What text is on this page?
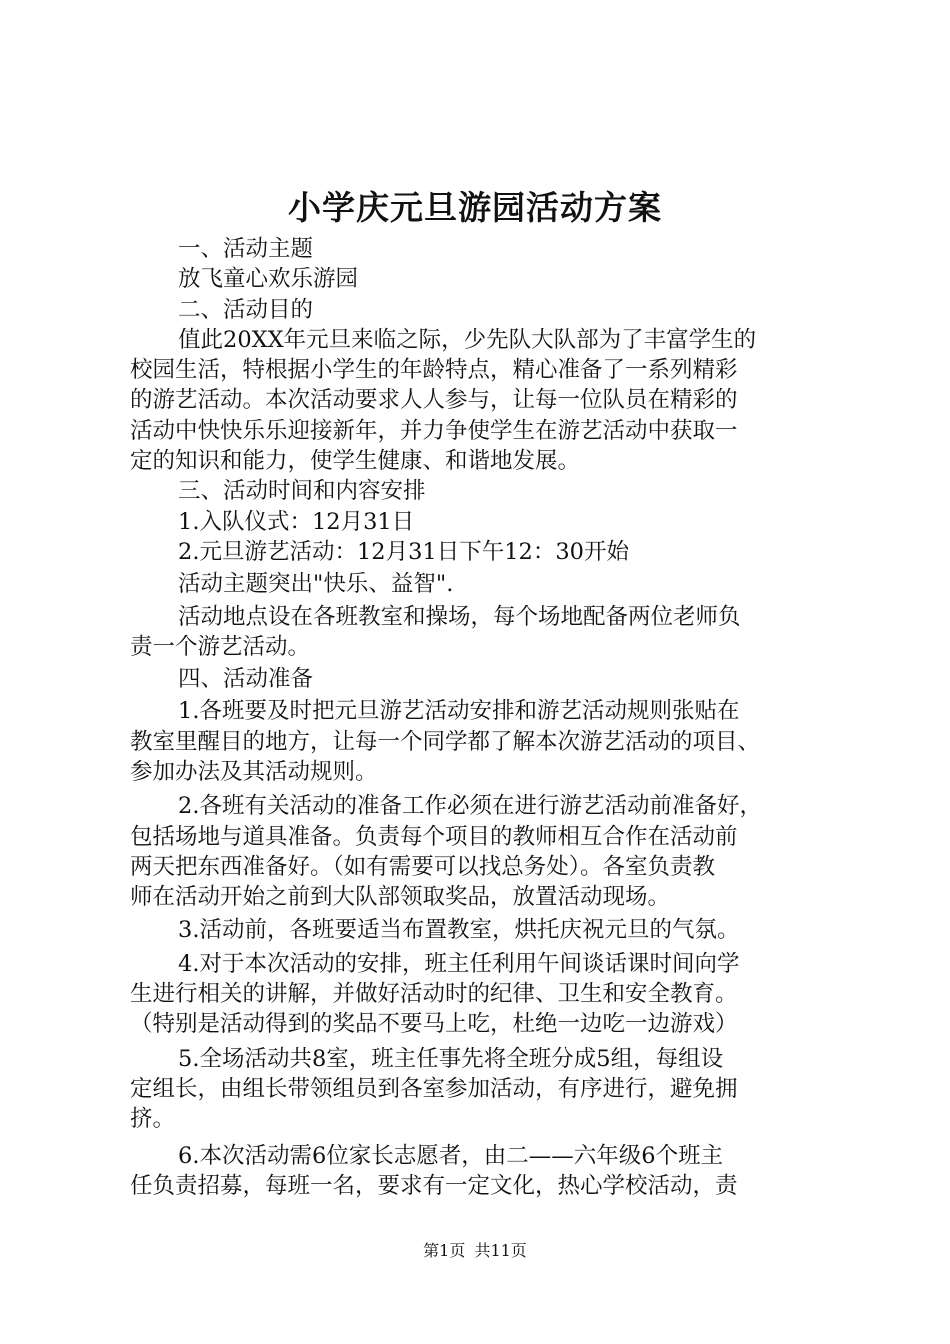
小学庆元旦游园活动方案

一、活动主题

放飞童心欢乐游园

二、活动目的

值此20XX年元旦来临之际，少先队大队部为了丰富学生的

校园生活，特根据小学生的年龄特点，精心准备了一系列精彩

的游艺活动。本次活动要求人人参与，让每一位队员在精彩的

活动中快快乐乐迎接新年，并力争使学生在游艺活动中获取一

定的知识和能力，使学生健康、和谐地发展。

三、活动时间和内容安排

1.入队仪式：12月31日

2.元旦游艺活动：12月31日下午12：30开始

活动主题突出"快乐、益智".

活动地点设在各班教室和操场，每个场地配备两位老师负

责一个游艺活动。

四、活动准备

1.各班要及时把元旦游艺活动安排和游艺活动规则张贴在

教室里醒目的地方，让每一个同学都了解本次游艺活动的项目、

参加办法及其活动规则。

2.各班有关活动的准备工作必须在进行游艺活动前准备好，

包括场地与道具准备。负责每个项目的教师相互合作在活动前

两天把东西准备好。（如有需要可以找总务处）。各室负责教

师在活动开始之前到大队部领取奖品，放置活动现场。

3.活动前，各班要适当布置教室，烘托庆祝元旦的气氛。

4.对于本次活动的安排，班主任利用午间谈话课时间向学

生进行相关的讲解，并做好活动时的纪律、卫生和安全教育。

（特别是活动得到的奖品不要马上吃，杜绝一边吃一边游戏）

5.全场活动共8室，班主任事先将全班分成5组，每组设

定组长，由组长带领组员到各室参加活动，有序进行，避免拥

挤。

6.本次活动需6位家长志愿者，由二——六年级6个班主

任负责招募，每班一名，要求有一定文化，热心学校活动，责

第1页 共11页
